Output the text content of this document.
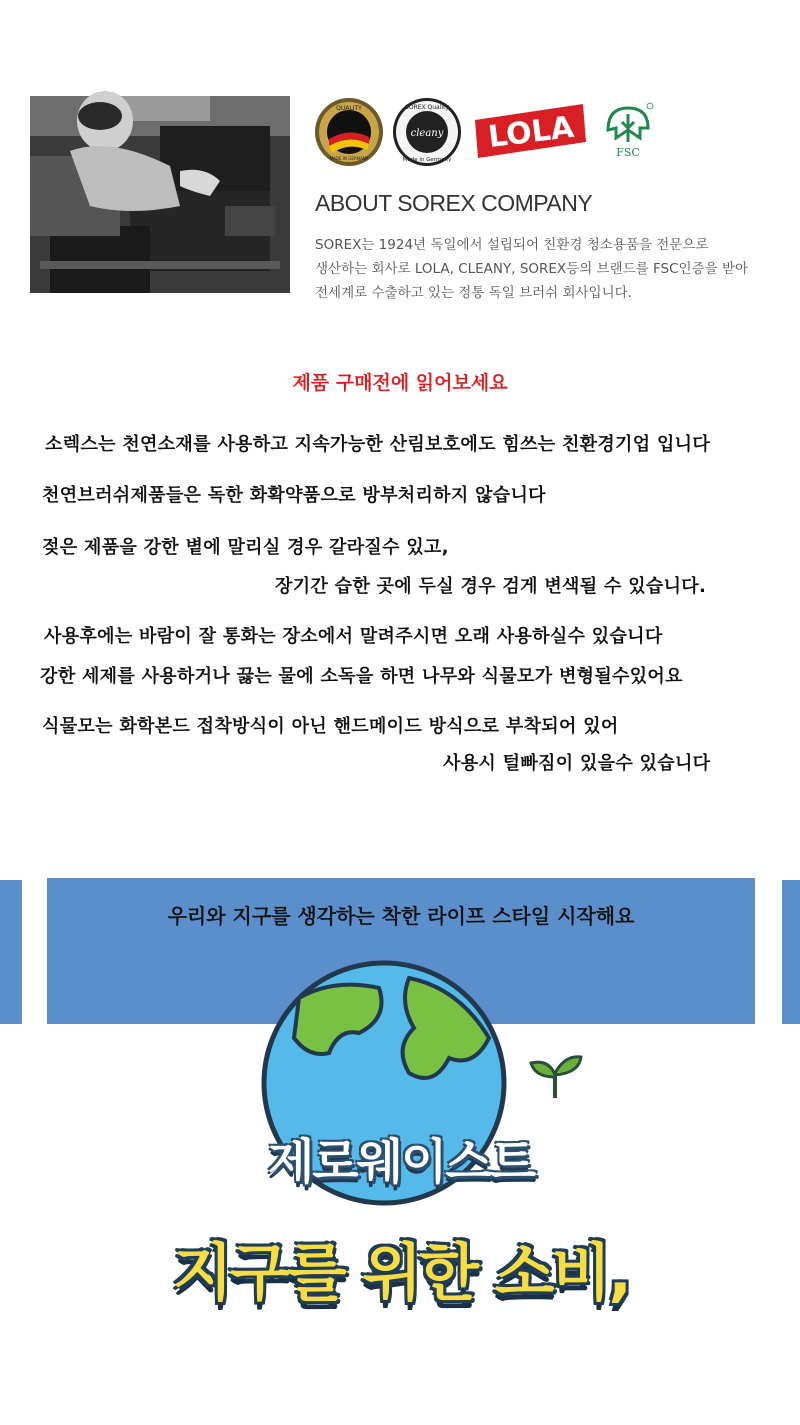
QUALITY
MADE IN GERMANY
cleany
SOREX Quality
Made in Germany
LOLA	FSC
ABOUT SOREX COMPANY
SOREX는 1924년 독일에서 설립되어 친환경 청소용품을 전문으로
생산하는 회사로 LOLA, CLEANY, SOREX등의 브랜드를 FSC인증을 받아
전세계로 수출하고 있는 정통 독일 브러쉬 회사입니다.
제품 구매전에 읽어보세요
소렉스는 천연소재를 사용하고 지속가능한 산림보호에도 힘쓰는 친환경기업 입니다
천연브러쉬제품들은 독한 화확약품으로 방부처리하지 않습니다
젖은 제품을 강한 볕에 말리실 경우 갈라질수 있고,
장기간 습한 곳에 두실 경우 검게 변색될 수 있습니다.
사용후에는 바람이 잘 통화는 장소에서 말려주시면 오래 사용하실수 있습니다
강한 세제를 사용하거나 끓는 물에 소독을 하면 나무와 식물모가 변형될수있어요
식물모는 화학본드 접착방식이 아닌 핸드메이드 방식으로 부착되어 있어
사용시 털빠짐이 있을수 있습니다
우리와 지구를 생각하는 착한 라이프 스타일 시작해요
제로웨이스트
지구를 위한 소비,
